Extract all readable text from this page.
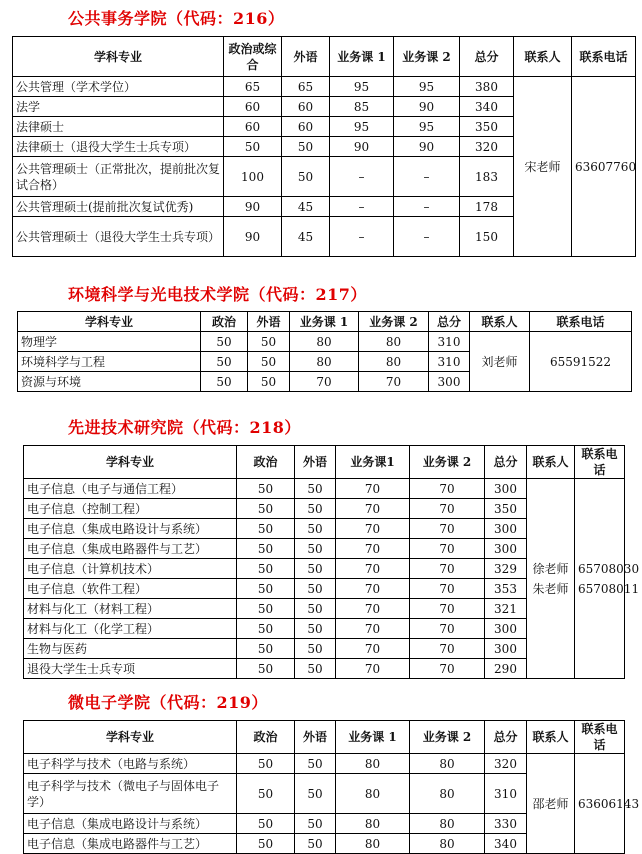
公共事务学院（代码：216）
学科专业	政治或综合	外语	业务课 1	业务课 2	总分	联系人	联系电话
公共管理（学术学位）	65	65	95	95	380	宋老师	63607760
法学	60	60	85	90	340		
法律硕士	60	60	95	95	350		
法律硕士（退役大学生士兵专项）	50	50	90	90	320		
公共管理硕士（正常批次，提前批次复试合格）	100	50	–	–	183		
公共管理硕士(提前批次复试优秀)	90	45	–	–	178		
公共管理硕士（退役大学生士兵专项）	90	45	–	–	150		
环境科学与光电技术学院（代码：217）
学科专业	政治	外语	业务课 1	业务课 2	总分	联系人	联系电话
物理学	50	50	80	80	310	刘老师	65591522
环境科学与工程	50	50	80	80	310		
资源与环境	50	50	70	70	300		
先进技术研究院（代码：218）
学科专业	政治	外语	业务课1	业务课 2	总分	联系人	联系电话
电子信息（电子与通信工程）	50	50	70	70	300	徐老师 朱老师	65708030 65708011
电子信息（控制工程）	50	50	70	70	350		
电子信息（集成电路设计与系统）	50	50	70	70	300		
电子信息（集成电路器件与工艺）	50	50	70	70	300		
电子信息（计算机技术）	50	50	70	70	329		
电子信息（软件工程）	50	50	70	70	353		
材料与化工（材料工程）	50	50	70	70	321		
材料与化工（化学工程）	50	50	70	70	300		
生物与医药	50	50	70	70	300		
退役大学生士兵专项	50	50	70	70	290		
微电子学院（代码：219）
学科专业	政治	外语	业务课 1	业务课 2	总分	联系人	联系电话
电子科学与技术（电路与系统）	50	50	80	80	320	邵老师	63606143
电子科学与技术（微电子与固体电子学）	50	50	80	80	310		
电子信息（集成电路设计与系统）	50	50	80	80	330		
电子信息（集成电路器件与工艺）	50	50	80	80	340		
